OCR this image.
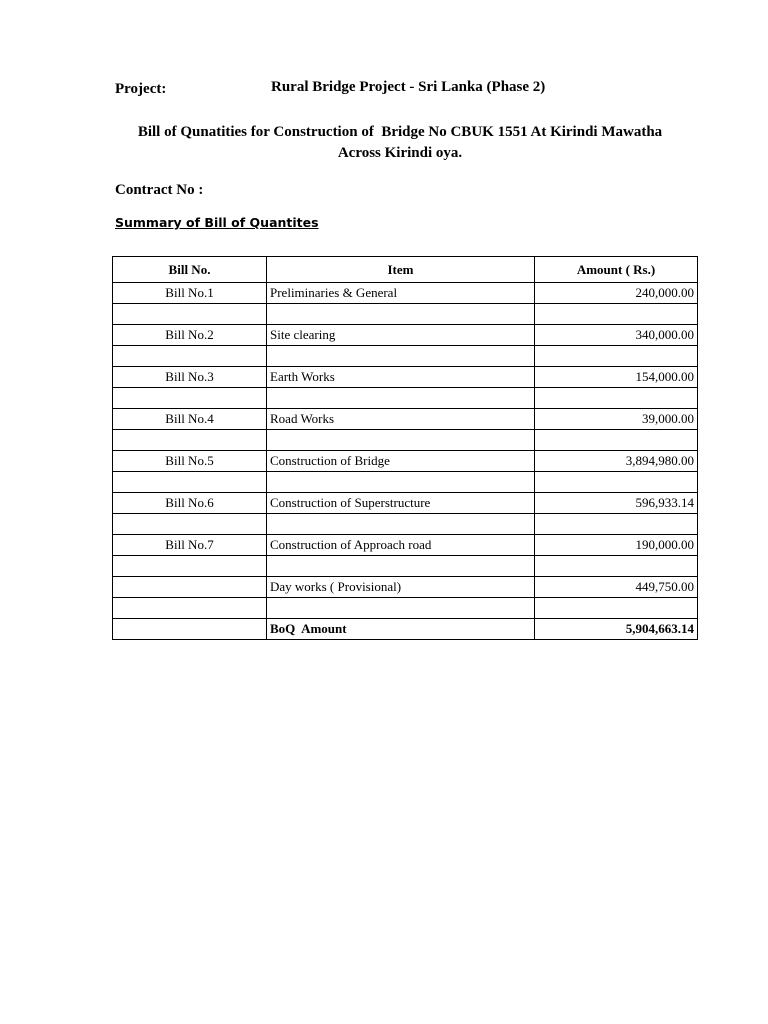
Project:	Rural Bridge Project - Sri Lanka (Phase 2)
Bill of Qunatities for Construction of  Bridge No CBUK 1551 At Kirindi Mawatha
Across Kirindi oya.
Contract No :
Summary of Bill of Quantites
Bill No.	Item	Amount ( Rs.)
Bill No.1	Preliminaries & General	240,000.00

Bill No.2	Site clearing	340,000.00

Bill No.3	Earth Works	154,000.00

Bill No.4	Road Works	39,000.00

Bill No.5	Construction of Bridge	3,894,980.00

Bill No.6	Construction of Superstructure	596,933.14

Bill No.7	Construction of Approach road	190,000.00

	Day works ( Provisional)	449,750.00

	BoQ  Amount	5,904,663.14
